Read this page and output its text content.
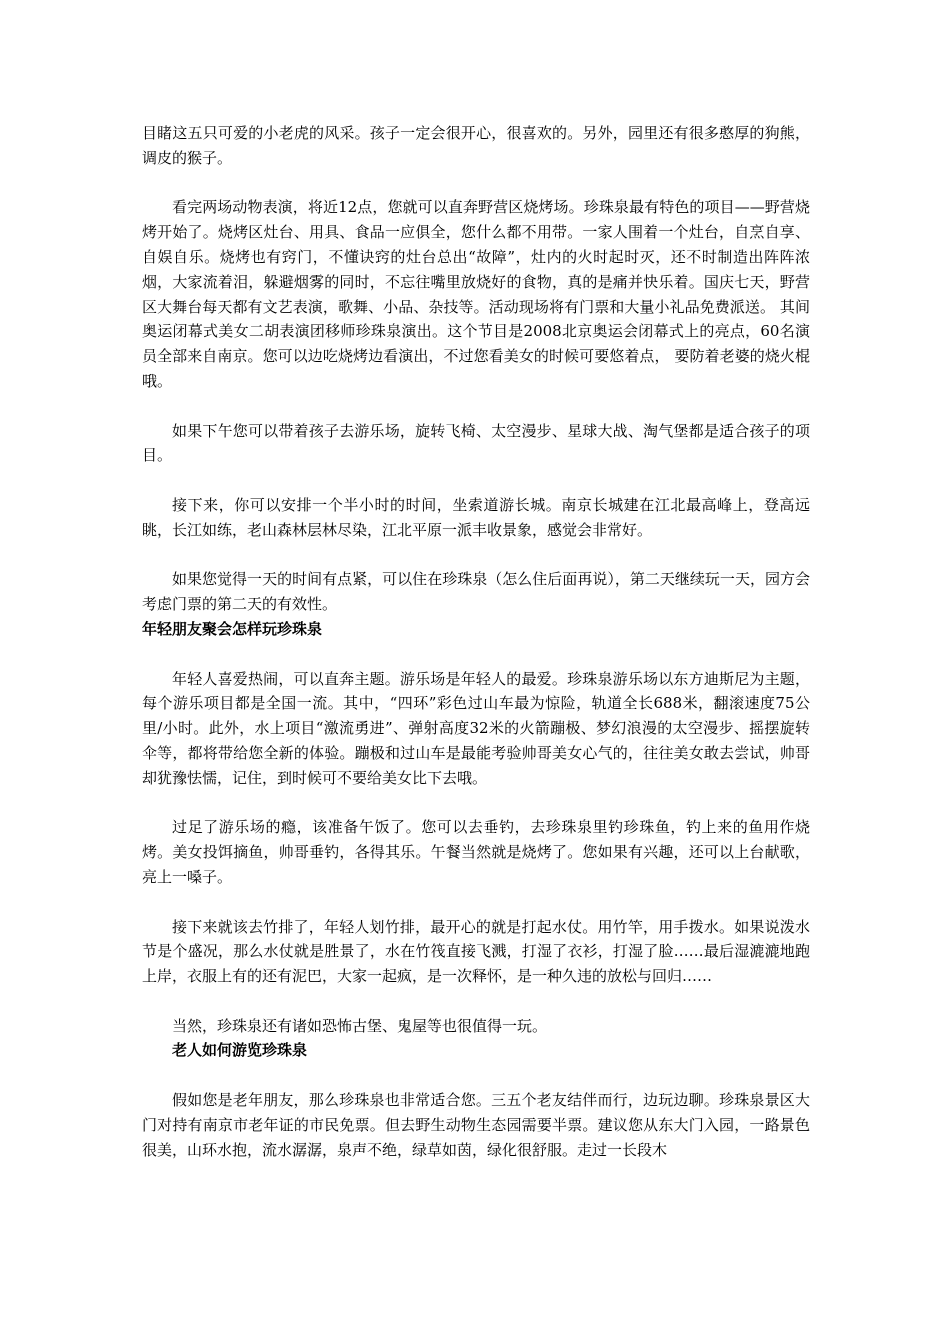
目睹这五只可爱的小老虎的风采。孩子一定会很开心，很喜欢的。另外，园里还有很多憨厚的狗熊，调皮的猴子。

看完两场动物表演，将近12点，您就可以直奔野营区烧烤场。珍珠泉最有特色的项目——野营烧烤开始了。烧烤区灶台、用具、食品一应俱全，您什么都不用带。一家人围着一个灶台，自烹自享、自娱自乐。烧烤也有窍门，不懂诀窍的灶台总出“故障”，灶内的火时起时灭，还不时制造出阵阵浓烟，大家流着泪，躲避烟雾的同时，不忘往嘴里放烧好的食物，真的是痛并快乐着。国庆七天，野营区大舞台每天都有文艺表演，歌舞、小品、杂技等。活动现场将有门票和大量小礼品免费派送。 其间奥运闭幕式美女二胡表演团移师珍珠泉演出。这个节目是2008北京奥运会闭幕式上的亮点，60名演员全部来自南京。您可以边吃烧烤边看演出，不过您看美女的时候可要悠着点， 要防着老婆的烧火棍哦。

如果下午您可以带着孩子去游乐场，旋转飞椅、太空漫步、星球大战、淘气堡都是适合孩子的项目。

接下来，你可以安排一个半小时的时间，坐索道游长城。南京长城建在江北最高峰上，登高远眺，长江如练，老山森林层林尽染，江北平原一派丰收景象，感觉会非常好。

如果您觉得一天的时间有点紧，可以住在珍珠泉（怎么住后面再说），第二天继续玩一天，园方会考虑门票的第二天的有效性。

年轻朋友聚会怎样玩珍珠泉

年轻人喜爱热闹，可以直奔主题。游乐场是年轻人的最爱。珍珠泉游乐场以东方迪斯尼为主题，每个游乐项目都是全国一流。其中，“四环”彩色过山车最为惊险，轨道全长688米，翻滚速度75公里/小时。此外，水上项目“激流勇进”、弹射高度32米的火箭蹦极、梦幻浪漫的太空漫步、摇摆旋转伞等，都将带给您全新的体验。蹦极和过山车是最能考验帅哥美女心气的，往往美女敢去尝试，帅哥却犹豫怯懦，记住，到时候可不要给美女比下去哦。

过足了游乐场的瘾，该准备午饭了。您可以去垂钓，去珍珠泉里钓珍珠鱼，钓上来的鱼用作烧烤。美女投饵摘鱼，帅哥垂钓，各得其乐。午餐当然就是烧烤了。您如果有兴趣，还可以上台献歌，亮上一嗓子。

接下来就该去竹排了，年轻人划竹排，最开心的就是打起水仗。用竹竿，用手拨水。如果说泼水节是个盛况，那么水仗就是胜景了，水在竹筏直接飞溅，打湿了衣衫，打湿了脸……最后湿漉漉地跑上岸，衣服上有的还有泥巴，大家一起疯，是一次释怀，是一种久违的放松与回归……

当然，珍珠泉还有诸如恐怖古堡、鬼屋等也很值得一玩。

老人如何游览珍珠泉

假如您是老年朋友，那么珍珠泉也非常适合您。三五个老友结伴而行，边玩边聊。珍珠泉景区大门对持有南京市老年证的市民免票。但去野生动物生态园需要半票。建议您从东大门入园，一路景色很美，山环水抱，流水潺潺，泉声不绝，绿草如茵，绿化很舒服。走过一长段木
